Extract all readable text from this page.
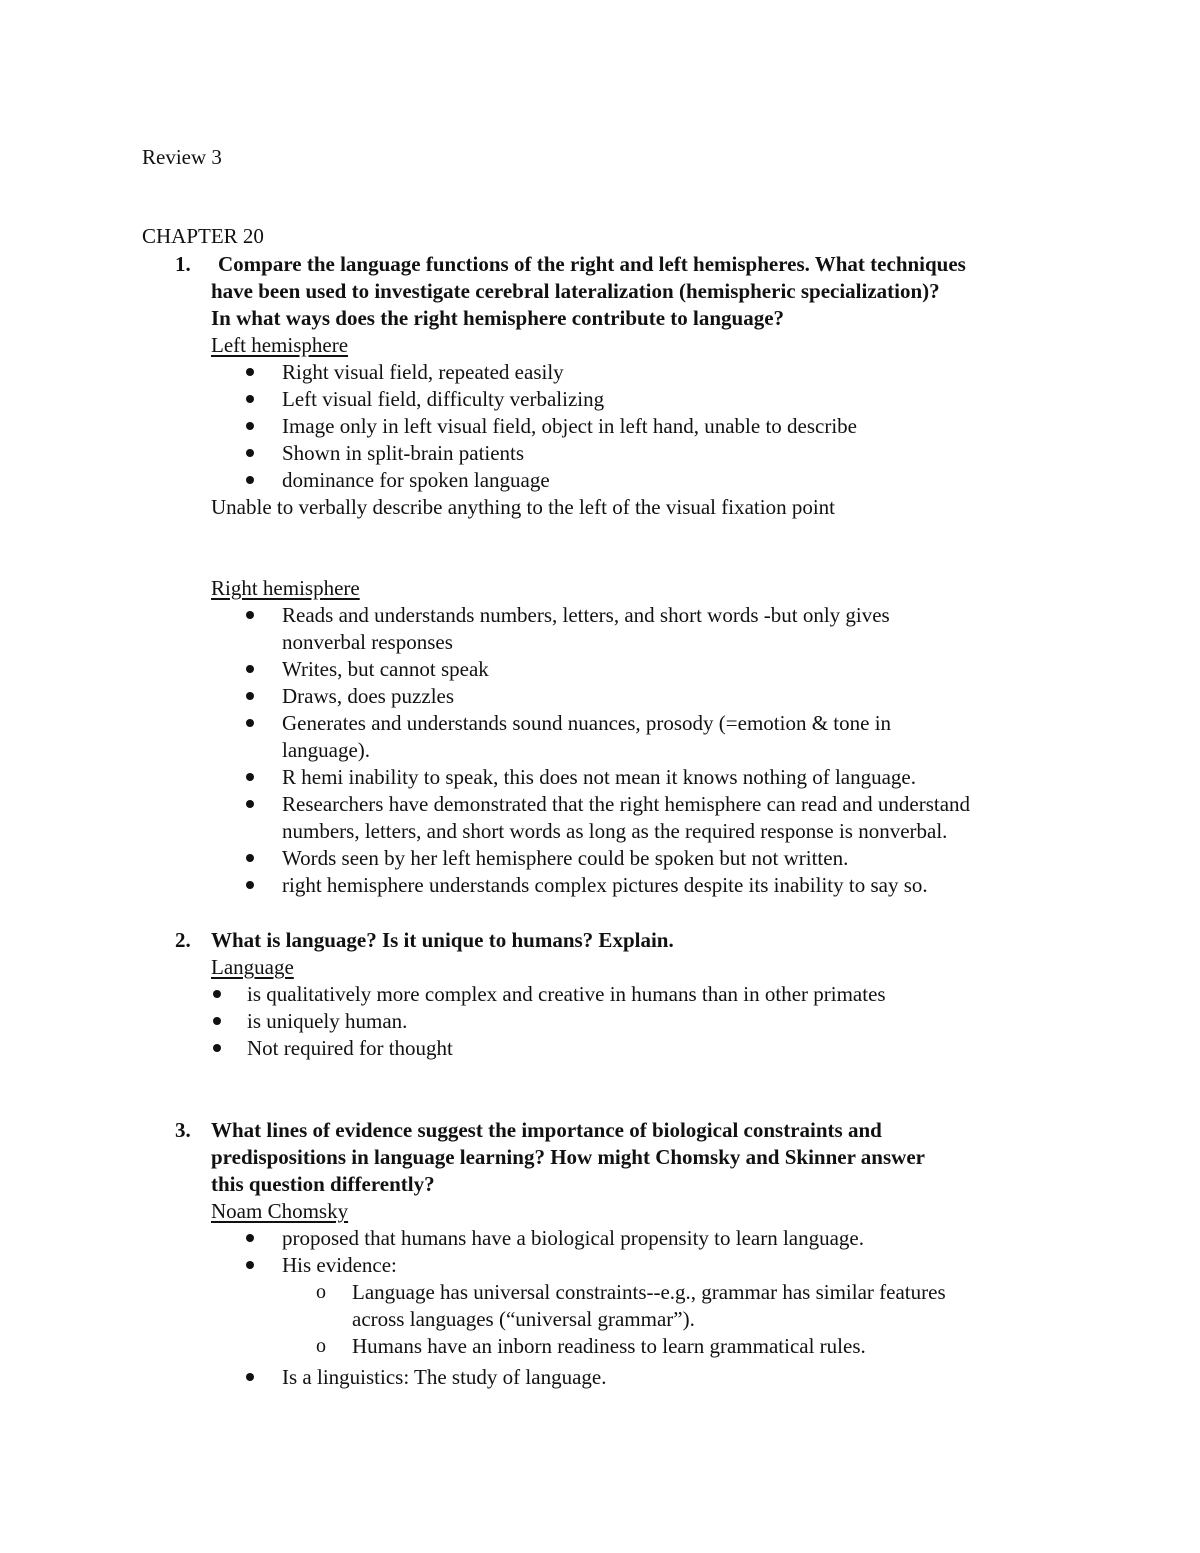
Review 3
CHAPTER 20
1. Compare the language functions of the right and left hemispheres. What techniques
have been used to investigate cerebral lateralization (hemispheric specialization)?
In what ways does the right hemisphere contribute to language?
Left hemisphere
Right visual field, repeated easily
Left visual field, difficulty verbalizing
Image only in left visual field, object in left hand, unable to describe
Shown in split-brain patients
dominance for spoken language
Unable to verbally describe anything to the left of the visual fixation point
Right hemisphere
Reads and understands numbers, letters, and short words -but only gives
nonverbal responses
Writes, but cannot speak
Draws, does puzzles
Generates and understands sound nuances, prosody (=emotion & tone in
language).
R hemi inability to speak, this does not mean it knows nothing of language.
Researchers have demonstrated that the right hemisphere can read and understand
numbers, letters, and short words as long as the required response is nonverbal.
Words seen by her left hemisphere could be spoken but not written.
right hemisphere understands complex pictures despite its inability to say so.
2. What is language? Is it unique to humans? Explain.
Language
is qualitatively more complex and creative in humans than in other primates
is uniquely human.
Not required for thought
3. What lines of evidence suggest the importance of biological constraints and
predispositions in language learning? How might Chomsky and Skinner answer
this question differently?
Noam Chomsky
proposed that humans have a biological propensity to learn language.
His evidence:
o Language has universal constraints--e.g., grammar has similar features
across languages (“universal grammar”).
o Humans have an inborn readiness to learn grammatical rules.
Is a linguistics: The study of language.
